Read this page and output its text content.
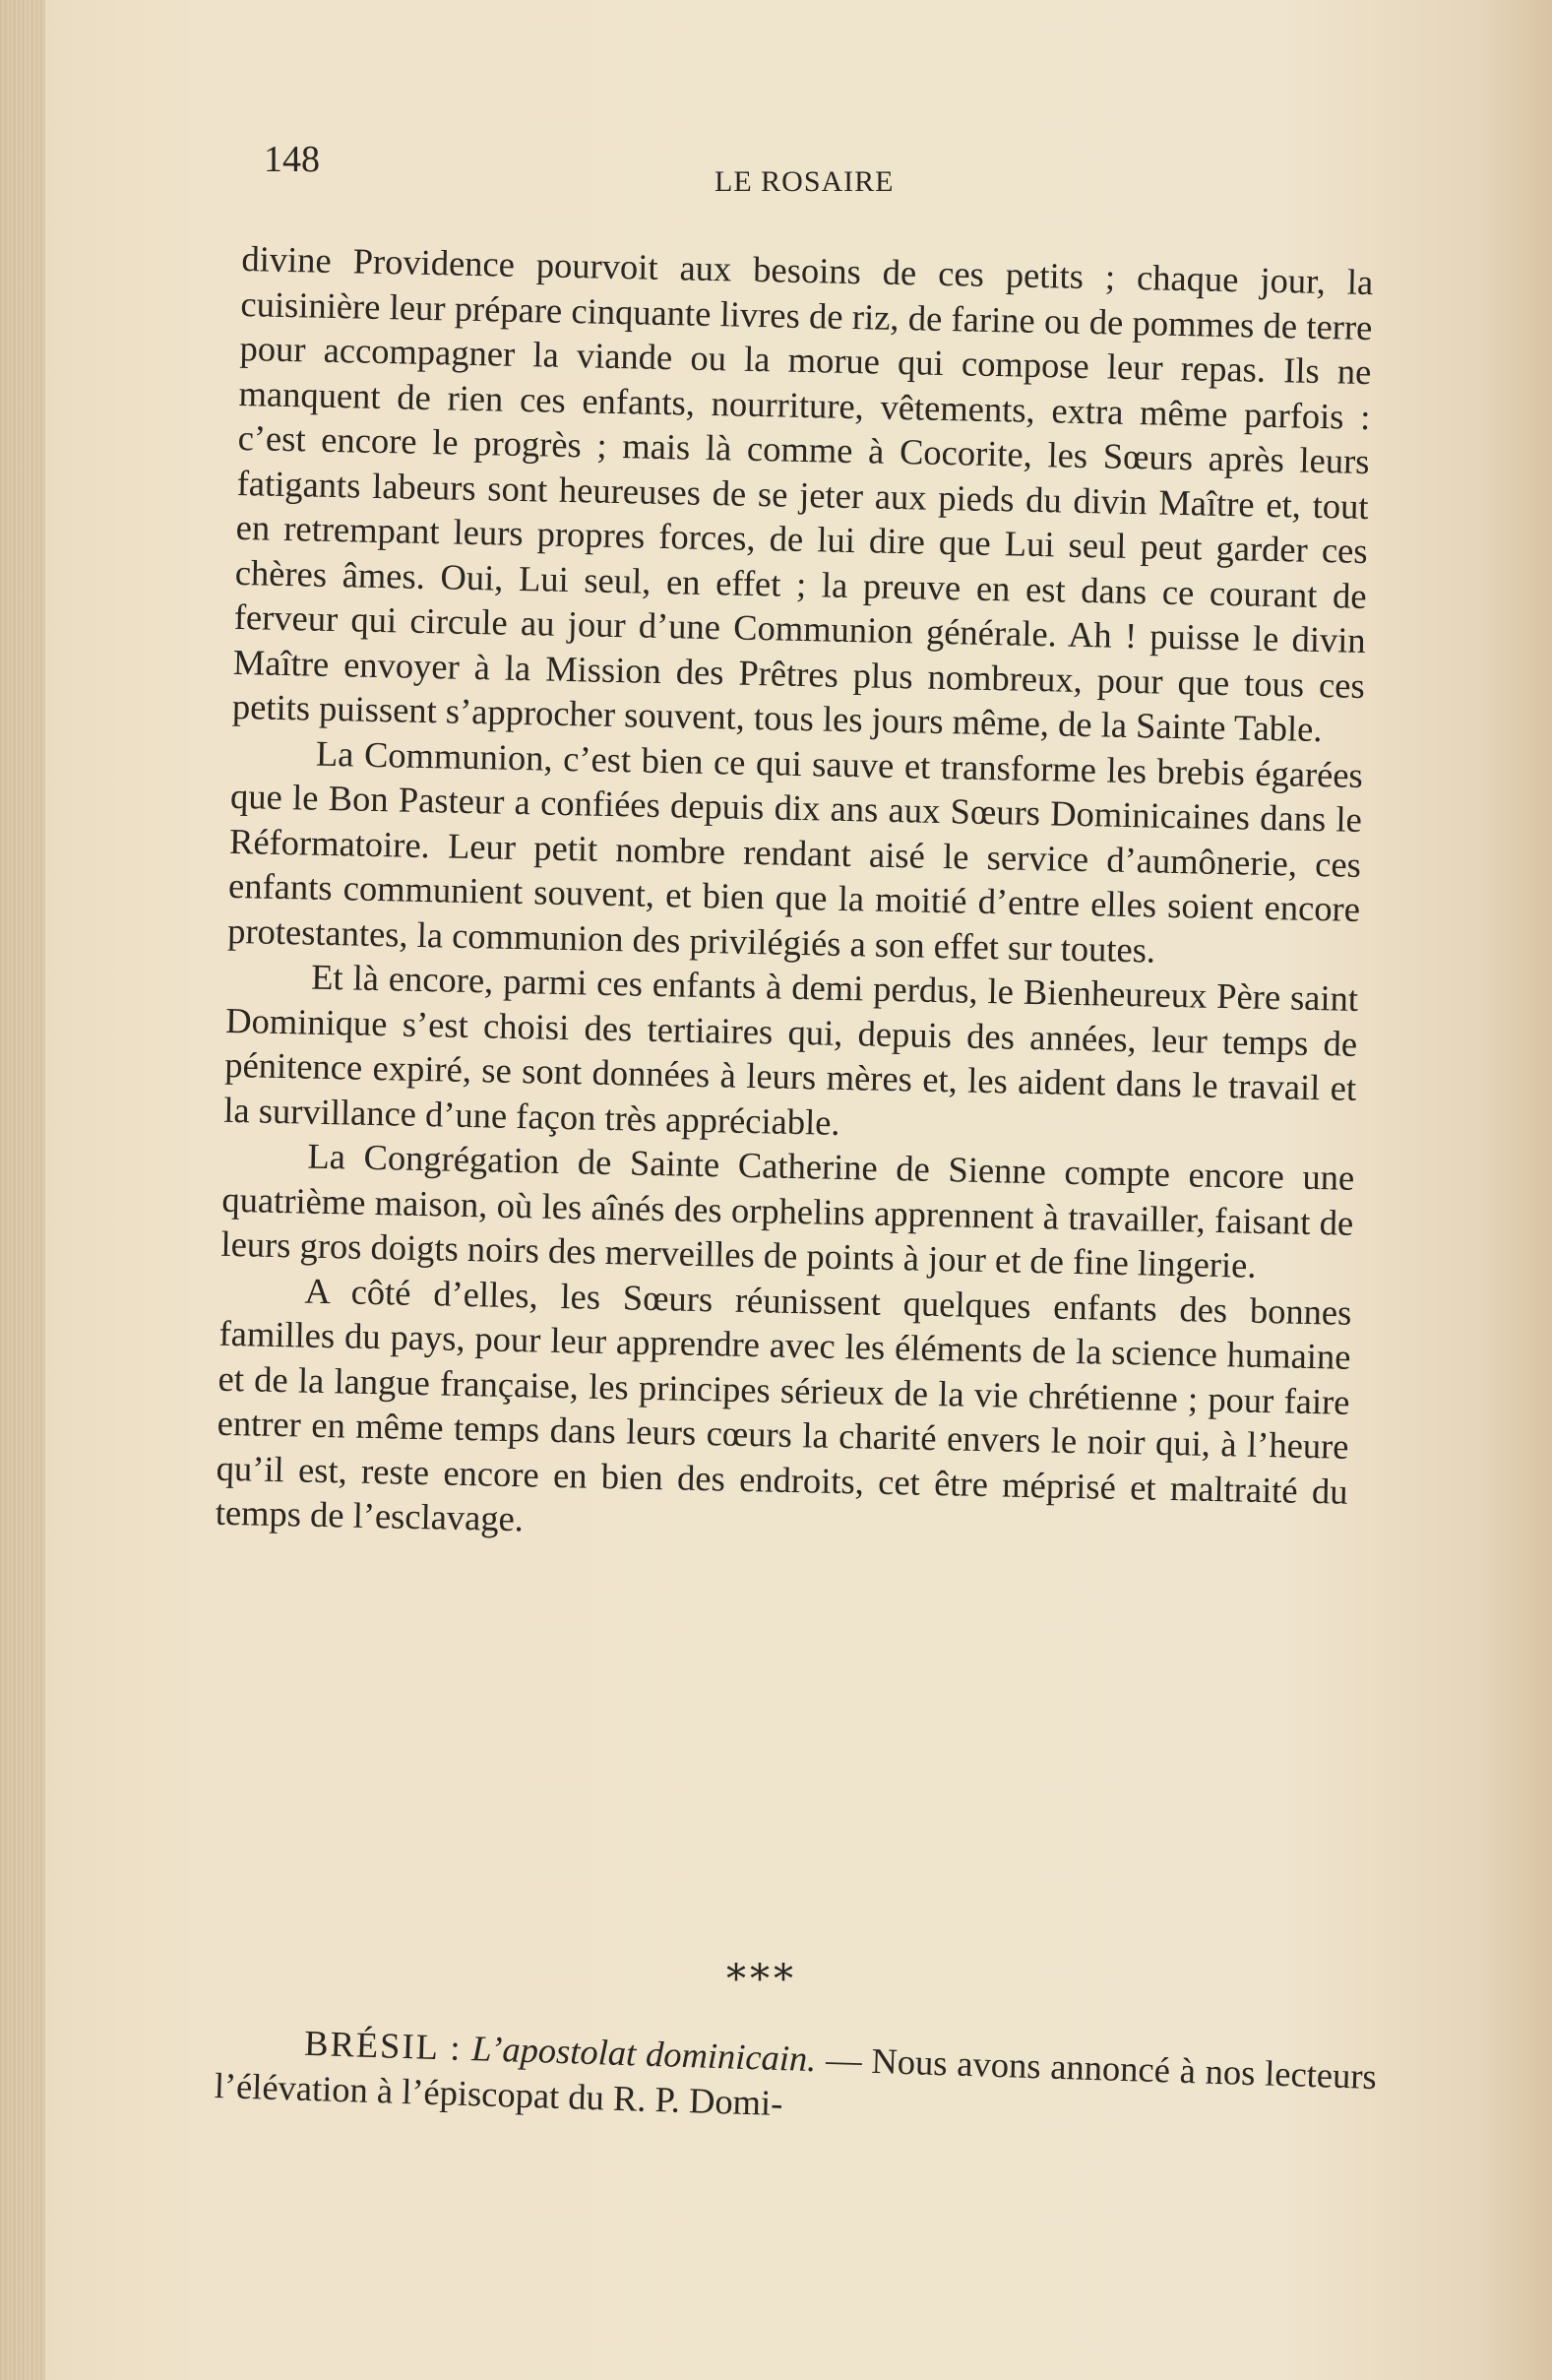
148
LE ROSAIRE

divine Providence pourvoit aux besoins de ces petits ; chaque jour, la cuisinière leur prépare cinquante livres de riz, de farine ou de pommes de terre pour accompagner la viande ou la morue qui compose leur repas. Ils ne manquent de rien ces enfants, nourriture, vêtements, extra même parfois : c’est encore le progrès ; mais là comme à Cocorite, les Sœurs après leurs fatigants labeurs sont heureuses de se jeter aux pieds du divin Maître et, tout en retrempant leurs propres forces, de lui dire que Lui seul peut garder ces chères âmes. Oui, Lui seul, en effet ; la preuve en est dans ce courant de ferveur qui circule au jour d’une Communion générale. Ah ! puisse le divin Maître envoyer à la Mission des Prêtres plus nombreux, pour que tous ces petits puissent s’approcher souvent, tous les jours même, de la Sainte Table.

La Communion, c’est bien ce qui sauve et transforme les brebis égarées que le Bon Pasteur a confiées depuis dix ans aux Sœurs Dominicaines dans le Réformatoire. Leur petit nombre rendant aisé le service d’aumônerie, ces enfants communient souvent, et bien que la moitié d’entre elles soient encore protestantes, la communion des privilégiés a son effet sur toutes.

Et là encore, parmi ces enfants à demi perdus, le Bienheureux Père saint Dominique s’est choisi des tertiaires qui, depuis des années, leur temps de pénitence expiré, se sont données à leurs mères et, les aident dans le travail et la survillance d’une façon très appréciable.

La Congrégation de Sainte Catherine de Sienne compte encore une quatrième maison, où les aînés des orphelins apprennent à travailler, faisant de leurs gros doigts noirs des merveilles de points à jour et de fine lingerie.

A côté d’elles, les Sœurs réunissent quelques enfants des bonnes familles du pays, pour leur apprendre avec les éléments de la science humaine et de la langue française, les principes sérieux de la vie chrétienne ; pour faire entrer en même temps dans leurs cœurs la charité envers le noir qui, à l’heure qu’il est, reste encore en bien des endroits, cet être méprisé et maltraité du temps de l’esclavage.

***
BRÉSIL : L’apostolat dominicain. — Nous avons annoncé à nos lecteurs l’élévation à l’épiscopat du R. P. Domi-
